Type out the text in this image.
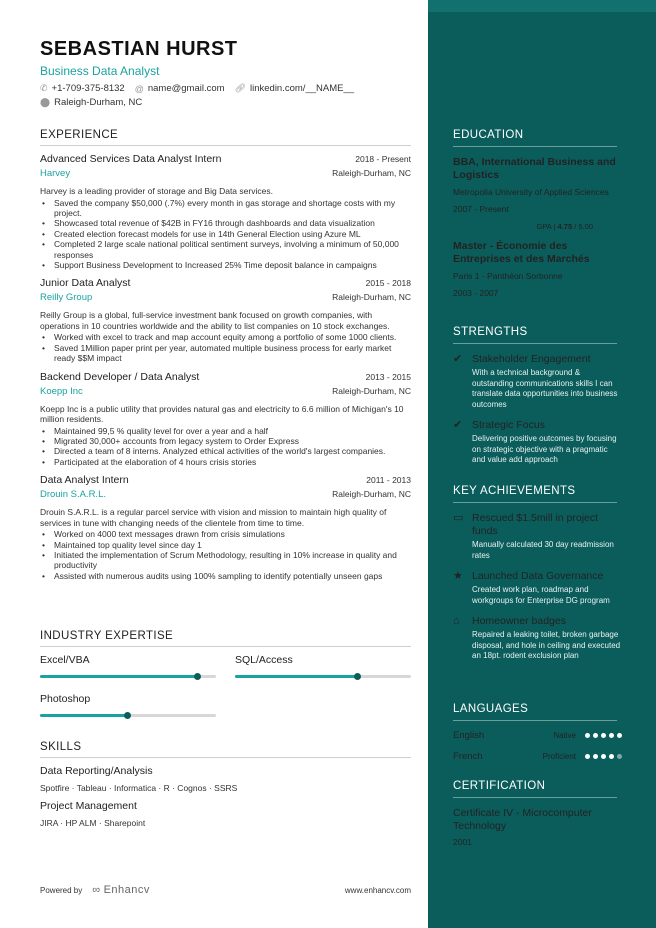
SEBASTIAN HURST
Business Data Analyst
✆ +1-709-375-8132 @ name@gmail.com 🔗︎ linkedin.com/__NAME__
⬤ Raleigh-Durham, NC
EXPERIENCE
Advanced Services Data Analyst Intern	2018 - Present
Harvey	Raleigh-Durham, NC
Harvey is a leading provider of storage and Big Data services.
• Saved the company $50,000 (.7%) every month in gas storage and shortage costs with my project.
• Showcased total revenue of $42B in FY16 through dashboards and data visualization
• Created election forecast models for use in 14th General Election using Azure ML
• Completed 2 large scale national political sentiment surveys, involving a minimum of 50,000 responses
• Support Business Development to Increased 25% Time deposit balance in campaigns
Junior Data Analyst	2015 - 2018
Reilly Group	Raleigh-Durham, NC
Reilly Group is a global, full-service investment bank focused on growth companies, with operations in 10 countries worldwide and the ability to list companies on 10 stock exchanges.
• Worked with excel to track and map account equity among a portfolio of some 1000 clients.
• Saved 1Million paper print per year, automated multiple business process for early market ready $$M impact
Backend Developer / Data Analyst	2013 - 2015
Koepp Inc	Raleigh-Durham, NC
Koepp Inc is a public utility that provides natural gas and electricity to 6.6 million of Michigan's 10 million residents.
• Maintained 99,5 % quality level for over a year and a half
• Migrated 30,000+ accounts from legacy system to Order Express
• Directed a team of 8 interns. Analyzed ethical activities of the world's largest companies.
• Participated at the elaboration of 4 hours crisis stories
Data Analyst Intern	2011 - 2013
Drouin S.A.R.L.	Raleigh-Durham, NC
Drouin S.A.R.L. is a regular parcel service with vision and mission to maintain high quality of services in tune with changing needs of the clientele from time to time.
• Worked on 4000 text messages drawn from crisis simulations
• Maintained top quality level since day 1
• Initiated the implementation of Scrum Methodology, resulting in 10% increase in quality and productivity
• Assisted with numerous audits using 100% sampling to identify potentially unseen gaps
INDUSTRY EXPERTISE
Excel/VBA	SQL/Access
Photoshop
SKILLS
Data Reporting/Analysis
Spotfire · Tableau · Informatica · R · Cognos · SSRS
Project Management
JIRA · HP ALM · Sharepoint
Powered by ∞ Enhancv	www.enhancv.com
EDUCATION
BBA, International Business and Logistics
Metropolia University of Applied Sciences
2007 - Present
GPA | 4.75 / 5.00
Master - Économie des Entreprises et des Marchés
Paris 1 - Panthéon Sorbonne
2003 - 2007
STRENGTHS
✔ Stakeholder Engagement
With a technical background & outstanding communications skills I can translate data opportunities into business outcomes
✔ Strategic Focus
Delivering positive outcomes by focusing on strategic objective with a pragmatic and value add approach
KEY ACHIEVEMENTS
▭ Rescued $1.5mill in project funds
Manually calculated 30 day readmission rates
★ Launched Data Governance
Created work plan, roadmap and workgroups for Enterprise DG program
⌂	Homeowner badges
Repaired a leaking toilet, broken garbage disposal, and hole in ceiling and executed an 18pt. rodent exclusion plan
LANGUAGES
English	Native
French	Proficient
CERTIFICATION
Certificate IV - Microcomputer Technology
2001
